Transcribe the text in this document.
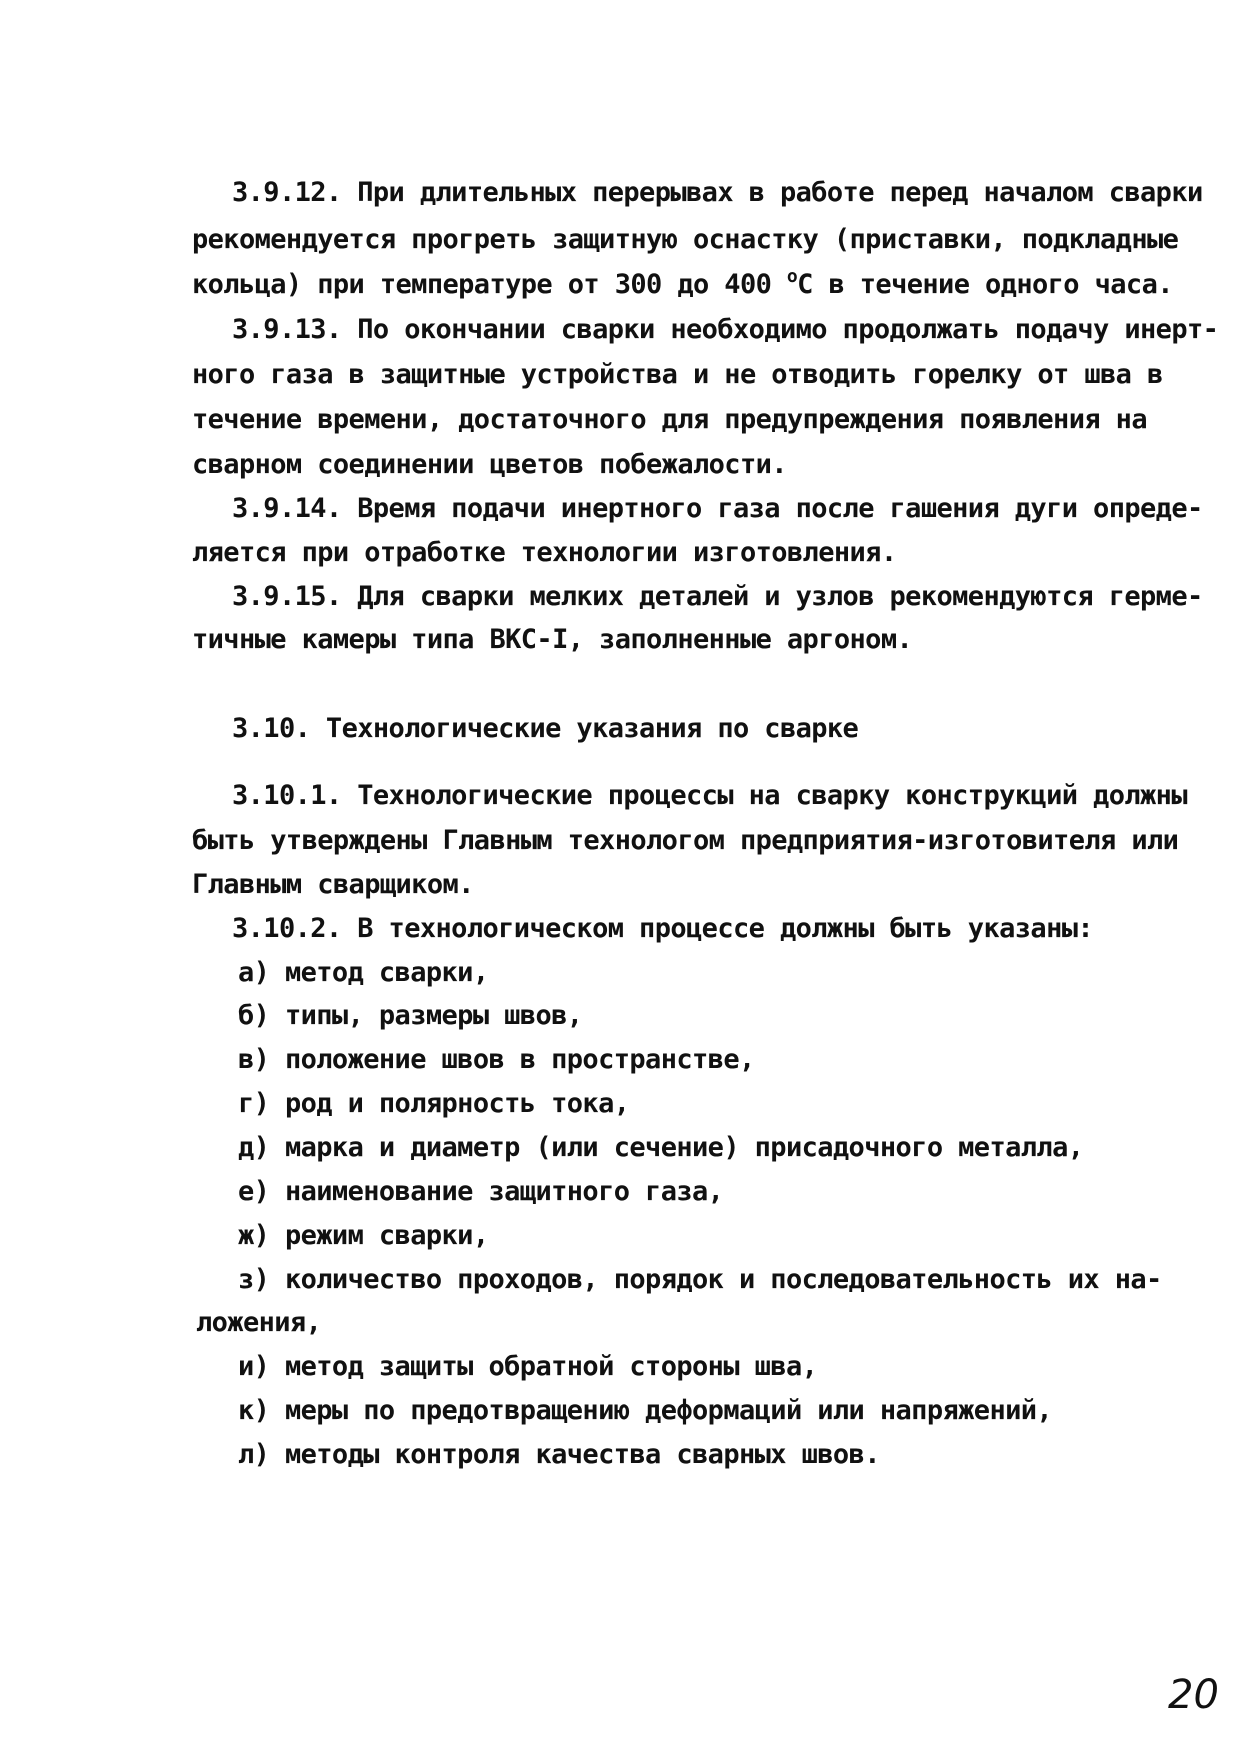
3.9.12. При длительных перерывах в работе перед началом сварки
рекомендуется прогреть защитную оснастку (приставки, подкладные
кольца) при температуре от 300 до 400 $^o$C в течение одного часа.
3.9.13. По окончании сварки необходимо продолжать подачу инерт-
ного газа в защитные устройства и не отводить горелку от шва в
течение времени, достаточного для предупреждения появления на
сварном соединении цветов побежалости.
3.9.14. Время подачи инертного газа после гашения дуги опреде-
ляется при отработке технологии изготовления.
3.9.15. Для сварки мелких деталей и узлов рекомендуются герме-
тичные камеры типа ВКС-I, заполненные аргоном.
3.10. Технологические указания по сварке
3.10.1. Технологические процессы на сварку конструкций должны
быть утверждены Главным технологом предприятия-изготовителя или
Главным сварщиком.
3.10.2. В технологическом процессе должны быть указаны:
а) метод сварки,
б) типы, размеры швов,
в) положение швов в пространстве,
г) род и полярность тока,
д) марка и диаметр (или сечение) присадочного металла,
е) наименование защитного газа,
ж) режим сварки,
з) количество проходов, порядок и последовательность их на-
ложения,
и) метод защиты обратной стороны шва,
к) меры по предотвращению деформаций или напряжений,
л) методы контроля качества сварных швов.
20
